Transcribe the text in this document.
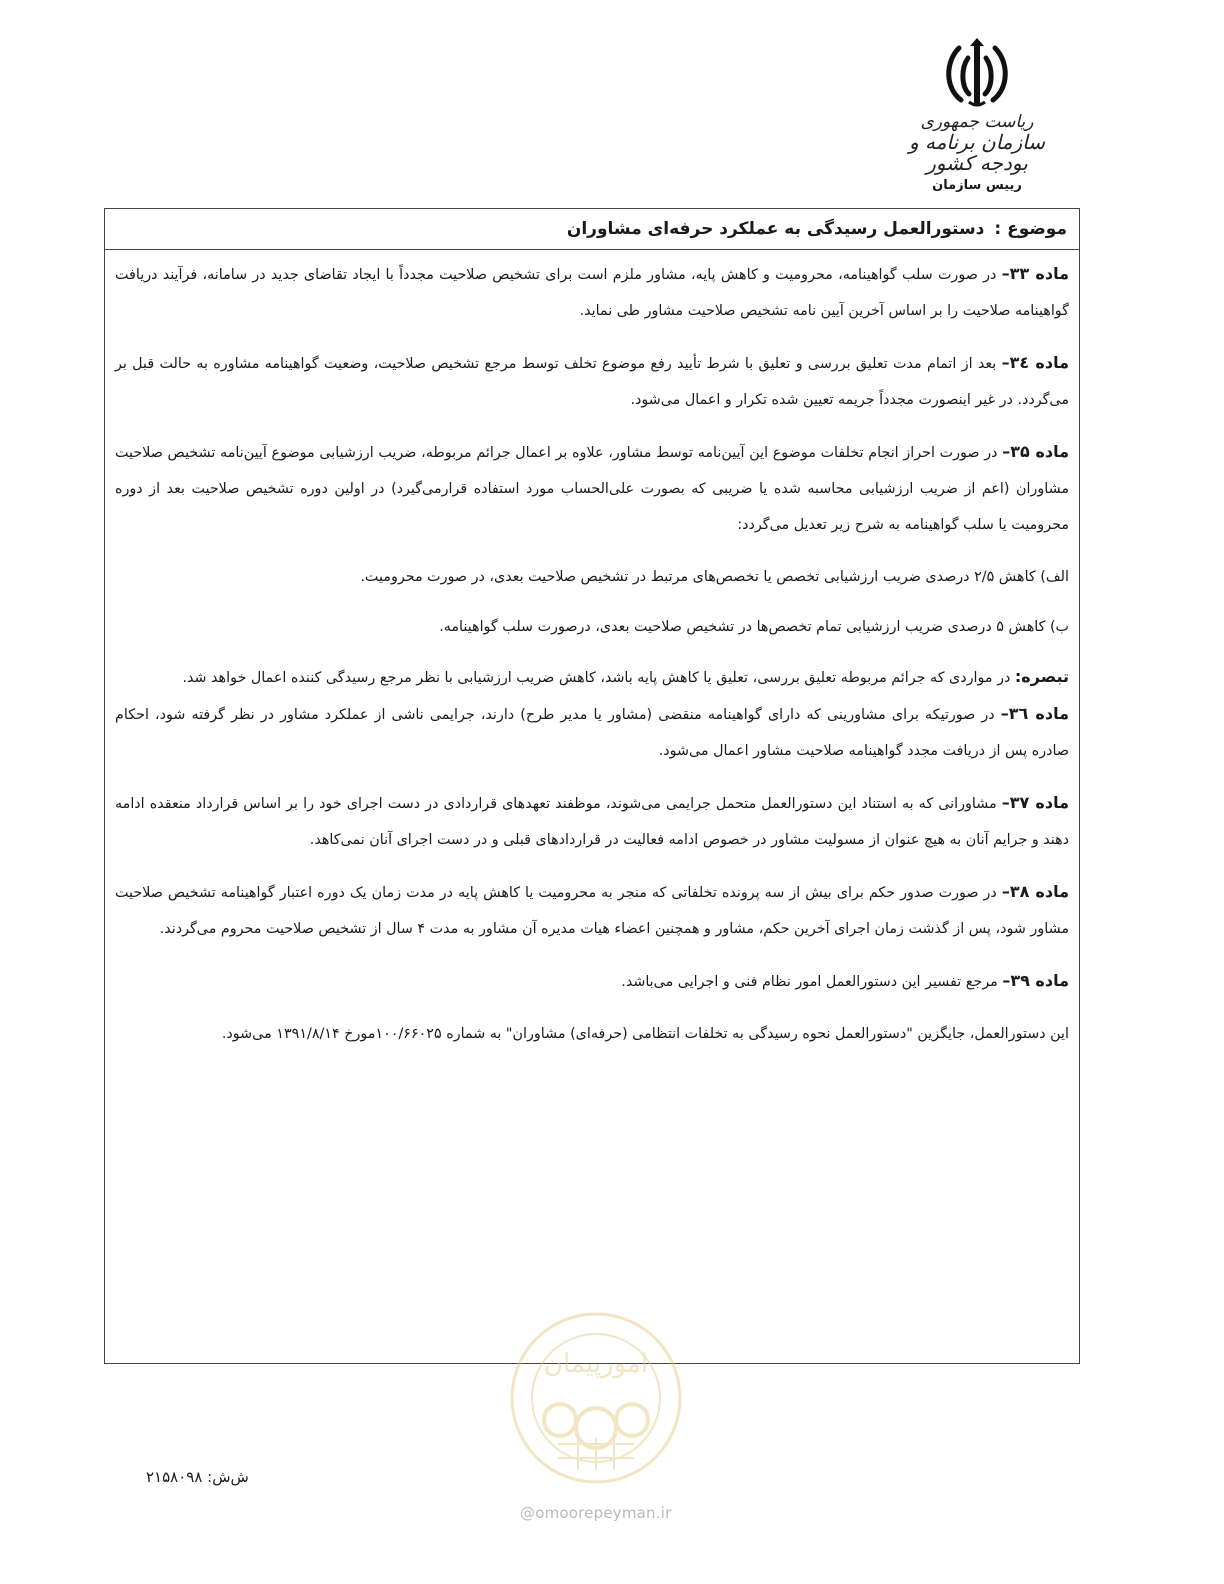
ریاست جمهوری
سازمان برنامه و بودجه کشور
رییس سازمان
موضوع :
دستورالعمل رسیدگی به عملکرد حرفه‌ای مشاوران

ماده ۳۳– در صورت سلب گواهینامه، محرومیت و کاهش پایه، مشاور ملزم است برای تشخیص صلاحیت مجدداً با ایجاد تقاضای جدید در سامانه، فرآیند دریافت گواهینامه صلاحیت را بر اساس آخرین آیین نامه تشخیص صلاحیت مشاور طی نماید.

ماده ٣٤– بعد از اتمام مدت تعلیق بررسی و تعلیق با شرط تأیید رفع موضوع تخلف توسط مرجع تشخیص صلاحیت، وضعیت گواهینامه مشاوره به حالت قبل بر می‌گردد. در غیر اینصورت مجدداً جریمه تعیین شده تکرار و اعمال می‌شود.

ماده ۳۵– در صورت احراز انجام تخلفات موضوع این آیین‌نامه توسط مشاور، علاوه بر اعمال جرائم مربوطه، ضریب ارزشیابی موضوع آیین‌نامه تشخیص صلاحیت مشاوران (اعم از ضریب ارزشیابی محاسبه شده یا ضریبی که بصورت علی‌الحساب مورد استفاده قرارمی‌گیرد) در اولین دوره تشخیص صلاحیت بعد از دوره محرومیت یا سلب گواهینامه به شرح زیر تعدیل می‌گردد:

الف) کاهش ۲/۵ درصدی ضریب ارزشیابی تخصص یا تخصص‌های مرتبط در تشخیص صلاحیت بعدی، در صورت محرومیت.

ب) کاهش ۵ درصدی ضریب ارزشیابی تمام تخصص‌ها در تشخیص صلاحیت بعدی، درصورت سلب گواهینامه.

تبصره: در مواردی که جرائم مربوطه تعلیق بررسی، تعلیق یا کاهش پایه باشد، کاهش ضریب ارزشیابی با نظر مرجع رسیدگی کننده اعمال خواهد شد.

ماده ٣٦– در صورتیکه برای مشاورینی که دارای گواهینامه منقضی (مشاور یا مدیر طرح) دارند، جرایمی ناشی از عملکرد مشاور در نظر گرفته شود، احکام صادره پس از دریافت مجدد گواهینامه صلاحیت مشاور اعمال می‌شود.

ماده ۳۷– مشاورانی که به استناد این دستورالعمل متحمل جرایمی می‌شوند، موظفند تعهدهای قراردادی در دست اجرای خود را بر اساس قرارداد منعقده ادامه دهند و جرایم آنان به هیچ عنوان از مسولیت مشاور در خصوص ادامه فعالیت در قراردادهای قبلی و در دست اجرای آنان نمی‌کاهد.

ماده ۳۸– در صورت صدور حکم برای بیش از سه پرونده تخلفاتی که منجر به محرومیت یا کاهش پایه در مدت زمان یک دوره اعتبار گواهینامه تشخیص صلاحیت مشاور شود، پس از گذشت زمان اجرای آخرین حکم، مشاور و همچنین اعضاء هیات مدیره آن مشاور به مدت ۴ سال از تشخیص صلاحیت محروم می‌گردند.

ماده ۳۹– مرجع تفسیر این دستورالعمل امور نظام فنی و اجرایی می‌باشد.

این دستورالعمل، جایگزین "دستورالعمل نحوه رسیدگی به تخلفات انتظامی (حرفه‌ای) مشاوران" به شماره ۱۰۰/۶۶۰۲۵مورخ ۱۳۹۱/۸/۱۴ می‌شود.

امورپیمان
@omoorepeyman.ir
ش‌ش: ۲۱۵۸۰۹۸
